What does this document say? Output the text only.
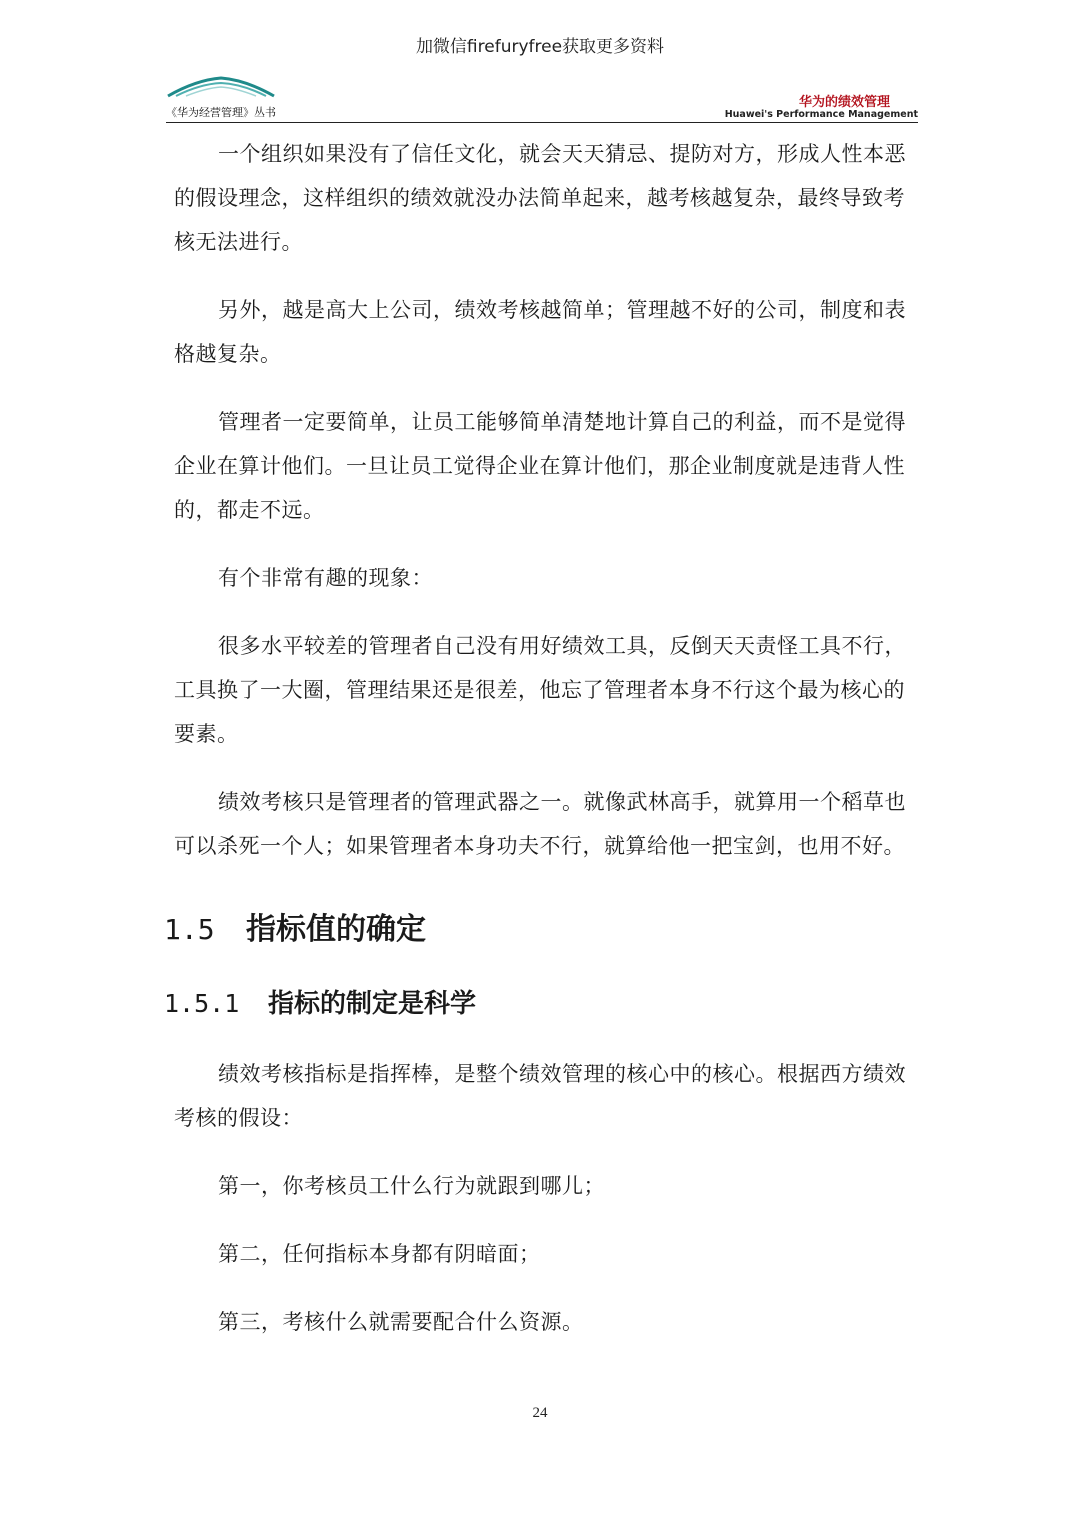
加微信firefuryfree获取更多资料
《华为经营管理》丛书
华为的绩效管理
Huawei's Performance Management

一个组织如果没有了信任文化，就会天天猜忌、提防对方，形成人性本恶的假设理念，这样组织的绩效就没办法简单起来，越考核越复杂，最终导致考核无法进行。

另外，越是高大上公司，绩效考核越简单；管理越不好的公司，制度和表格越复杂。

管理者一定要简单，让员工能够简单清楚地计算自己的利益，而不是觉得企业在算计他们。一旦让员工觉得企业在算计他们，那企业制度就是违背人性的，都走不远。

有个非常有趣的现象：

很多水平较差的管理者自己没有用好绩效工具，反倒天天责怪工具不行，工具换了一大圈，管理结果还是很差，他忘了管理者本身不行这个最为核心的要素。

绩效考核只是管理者的管理武器之一。就像武林高手，就算用一个稻草也可以杀死一个人；如果管理者本身功夫不行，就算给他一把宝剑，也用不好。

1.5	指标值的确定
1.5.1	指标的制定是科学

绩效考核指标是指挥棒，是整个绩效管理的核心中的核心。根据西方绩效考核的假设：

第一，你考核员工什么行为就跟到哪儿；

第二，任何指标本身都有阴暗面；

第三，考核什么就需要配合什么资源。

24
